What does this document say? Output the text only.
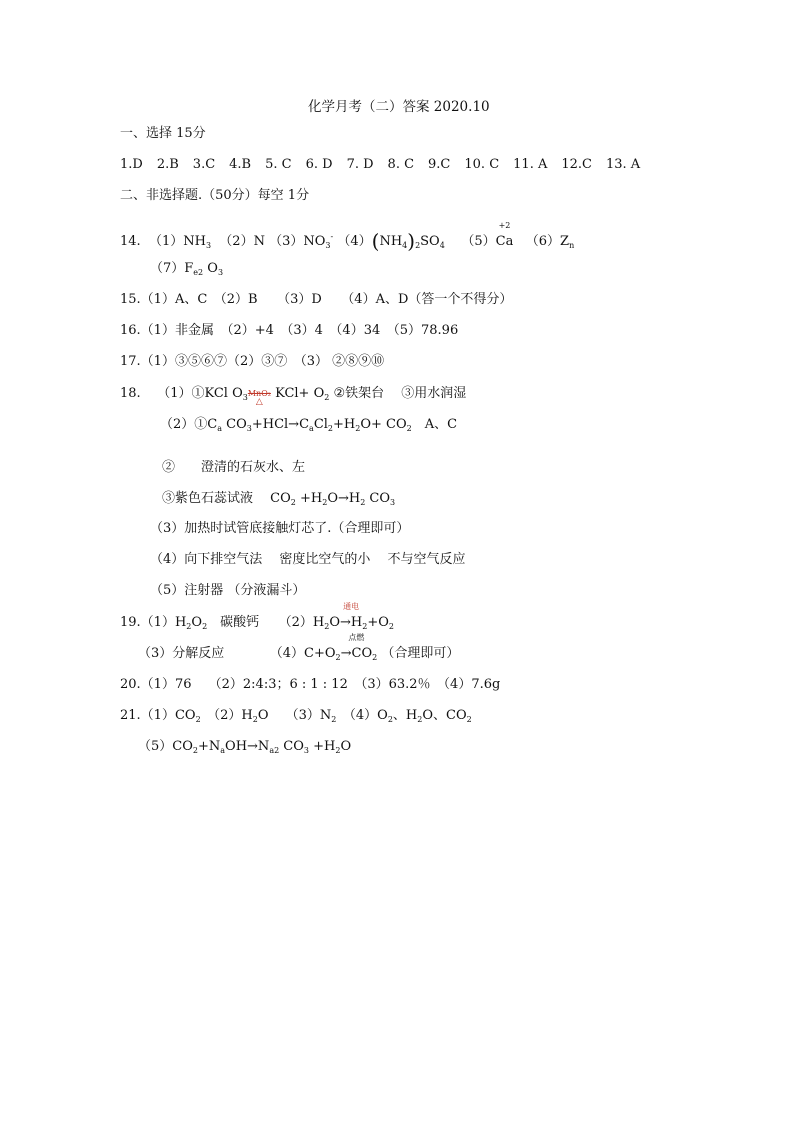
化学月考（二）答案 2020.10
一、选择 15分
1.D 2.B 3.C 4.B 5. C 6. D 7. D 8. C 9.C 10. C 11. A 12.C 13. A
二、非选择题.（50分）每空 1分
14. $(1)NH_3$ （2）N $(3)NO_3^-$ $(4)(NH_4)_2SO_4$ （5）
+2
Ca $(6)Z_n$
$(7)F_{e2}$ $O_3$
15.（1）A、C　（2）B　　（3）D　　（4）A、D（答一个不得分）
16.（1）非金属　（2）+4　（3）4　（4）34　（5）78.96
17.（1）③⑤⑥⑦（2）③⑦　（3） ②⑧⑨⑩
18. （1）①KCl $O_3MnO_2$
△
$KCl+ O_2$ ②铁架台　 ③用水润湿
$(2)①C_a$ $CO_3+HCl\to C_aCl_2+H_2O+ CO_2$　A、C
②　　澄清的石灰水、左
③紫色石蕊试液　 $CO_2 +H_2O\to H_2$ $CO_3$
（3）加热时试管底接触灯芯了.（合理即可）
（4）向下排空气法　 密度比空气的小　 不与空气反应
（5）注射器 （分液漏斗）
$19.(1)H_2O_2$　碳酸钙　　$(2)H_2O$
通电
$\to H_2+O_2$
（3）分解反应　　　　$(4)C+O_2$
点燃
$\to CO_2$ （合理即可）
20.（1）76　 （2）2:4:3；6 : 1 : 12　（3）63.2％　（4）7.6g
$21.(1)CO_2$　$(2)H_2O$　 $(3)N_2$　$(4)O_2$、$H_2O$、$CO_2$
$(5)CO_2+N_aOH\to N_{a2}$ $CO_3 +H_2O$
